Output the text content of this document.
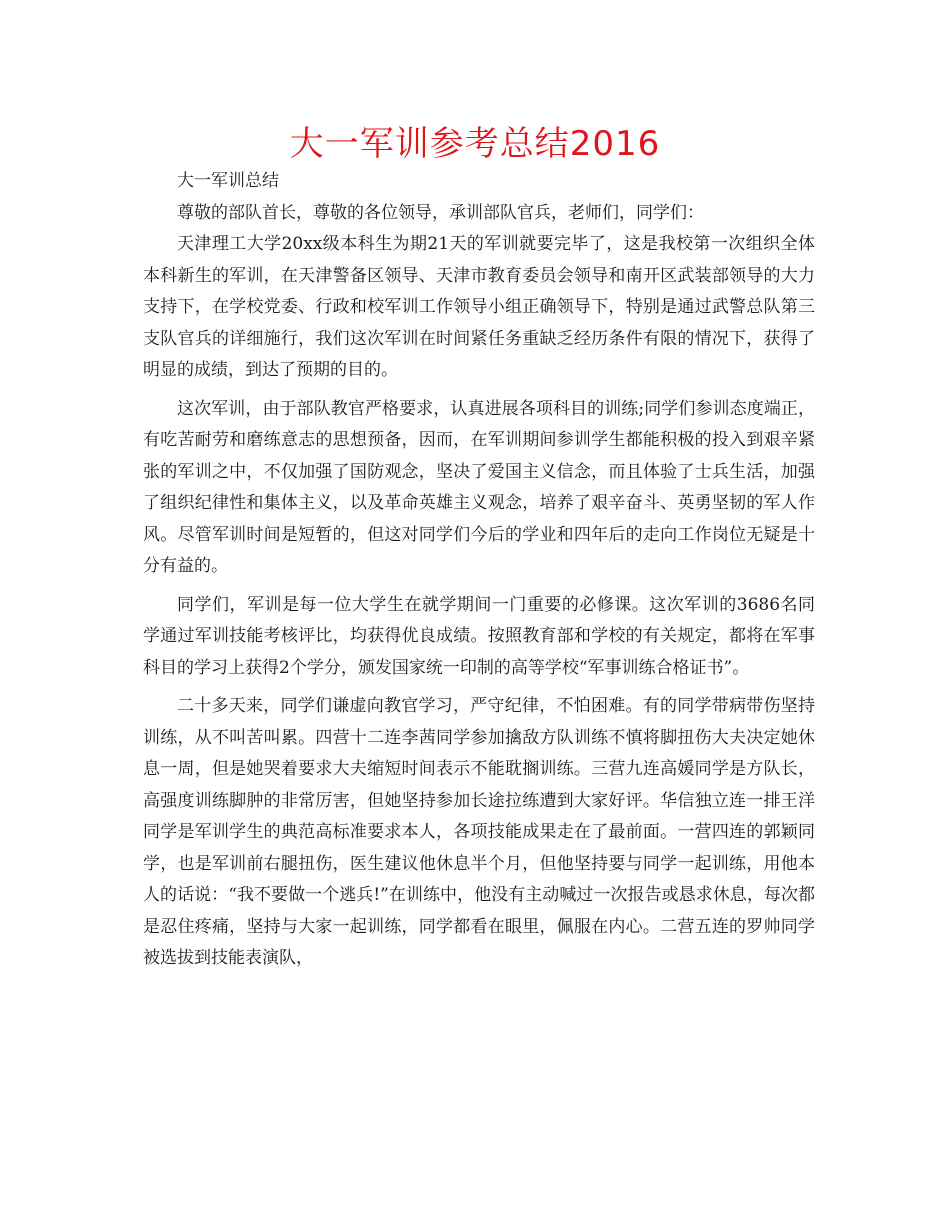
大一军训参考总结2016

大一军训总结

尊敬的部队首长，尊敬的各位领导，承训部队官兵，老师们，同学们：

天津理工大学20xx级本科生为期21天的军训就要完毕了，这是我校第一次组织全体本科新生的军训，在天津警备区领导、天津市教育委员会领导和南开区武装部领导的大力支持下，在学校党委、行政和校军训工作领导小组正确领导下，特别是通过武警总队第三支队官兵的详细施行，我们这次军训在时间紧任务重缺乏经历条件有限的情况下，获得了明显的成绩，到达了预期的目的。

这次军训，由于部队教官严格要求，认真进展各项科目的训练;同学们参训态度端正，有吃苦耐劳和磨练意志的思想预备，因而，在军训期间参训学生都能积极的投入到艰辛紧张的军训之中，不仅加强了国防观念，坚决了爱国主义信念，而且体验了士兵生活，加强了组织纪律性和集体主义，以及革命英雄主义观念，培养了艰辛奋斗、英勇坚韧的军人作风。尽管军训时间是短暂的，但这对同学们今后的学业和四年后的走向工作岗位无疑是十分有益的。

同学们，军训是每一位大学生在就学期间一门重要的必修课。这次军训的3686名同学通过军训技能考核评比，均获得优良成绩。按照教育部和学校的有关规定，都将在军事科目的学习上获得2个学分，颁发国家统一印制的高等学校“军事训练合格证书”。

二十多天来，同学们谦虚向教官学习，严守纪律，不怕困难。有的同学带病带伤坚持训练，从不叫苦叫累。四营十二连李茜同学参加擒敌方队训练不慎将脚扭伤大夫决定她休息一周，但是她哭着要求大夫缩短时间表示不能耽搁训练。三营九连高媛同学是方队长，高强度训练脚肿的非常厉害，但她坚持参加长途拉练遭到大家好评。华信独立连一排王洋同学是军训学生的典范高标准要求本人，各项技能成果走在了最前面。一营四连的郭颖同学，也是军训前右腿扭伤，医生建议他休息半个月，但他坚持要与同学一起训练，用他本人的话说：“我不要做一个逃兵!”在训练中，他没有主动喊过一次报告或恳求休息，每次都是忍住疼痛，坚持与大家一起训练，同学都看在眼里，佩服在内心。二营五连的罗帅同学被选拔到技能表演队，
